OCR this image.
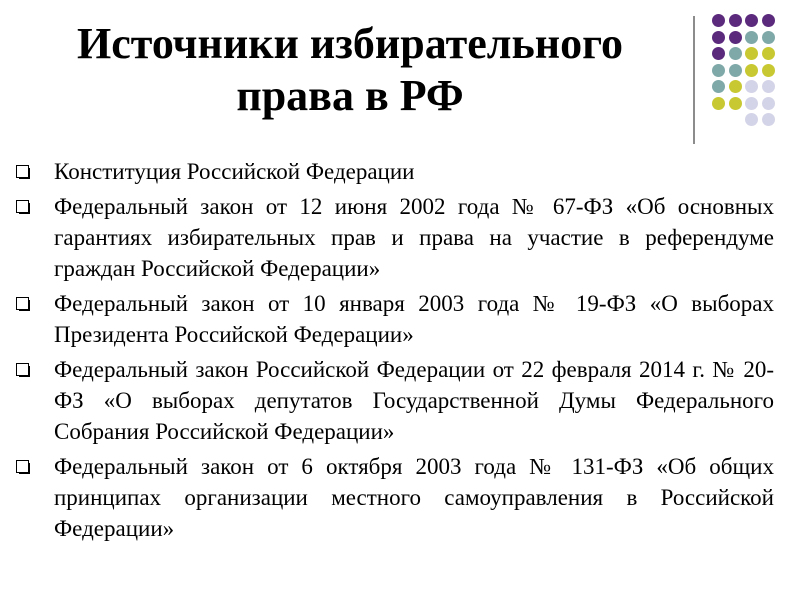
Источники избирательного
права в РФ
Конституция Российской Федерации
Федеральный закон от 12 июня 2002 года № 67-ФЗ «Об основных гарантиях избирательных прав и права на участие в референдуме граждан Российской Федерации»
Федеральный закон от 10 января 2003 года № 19-ФЗ «О выборах Президента Российской Федерации»
Федеральный закон Российской Федерации от 22 февраля 2014 г. № 20-ФЗ «О выборах депутатов Государственной Думы Федерального Собрания Российской Федерации»
Федеральный закон от 6 октября 2003 года № 131-ФЗ «Об общих принципах организации местного самоуправления в Российской Федерации»
